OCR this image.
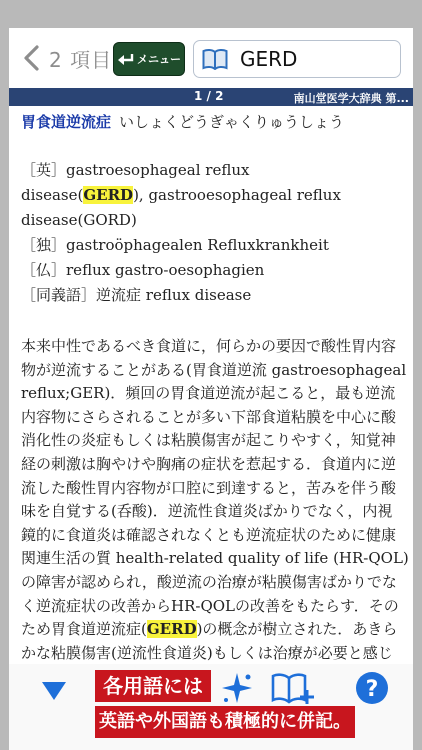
2 項目 メニュー
GERD
1 / 2	南山堂医学大辞典 第...
胃食道逆流症 いしょくどうぎゃくりゅうしょう

［英］gastroesophageal reflux

disease(GERD), gastrooesophageal reflux

disease(GORD)

［独］gastroöphagealen Refluxkrankheit

［仏］reflux gastro-oesophagien

［同義語］逆流症 reflux disease

本来中性であるべき食道に，何らかの要因で酸性胃内容

物が逆流することがある(胃食道逆流 gastroesophageal

reflux;GER)．頻回の胃食道逆流が起こると，最も逆流

内容物にさらされることが多い下部食道粘膜を中心に酸

消化性の炎症もしくは粘膜傷害が起こりやすく，知覚神

経の刺激は胸やけや胸痛の症状を惹起する．食道内に逆

流した酸性胃内容物が口腔に到達すると，苦みを伴う酸

味を自覚する(呑酸)．逆流性食道炎ばかりでなく，内視

鏡的に食道炎は確認されなくとも逆流症状のために健康

関連生活の質 health-related quality of life (HR-QOL)

の障害が認められ，酸逆流の治療が粘膜傷害ばかりでな

く逆流症状の改善からHR-QOLの改善をもたらす．その

ため胃食道逆流症(GERD)の概念が樹立された．あきら

かな粘膜傷害(逆流性食道炎)もしくは治療が必要と感じ

?
各用語には
英語や外国語も積極的に併記。
